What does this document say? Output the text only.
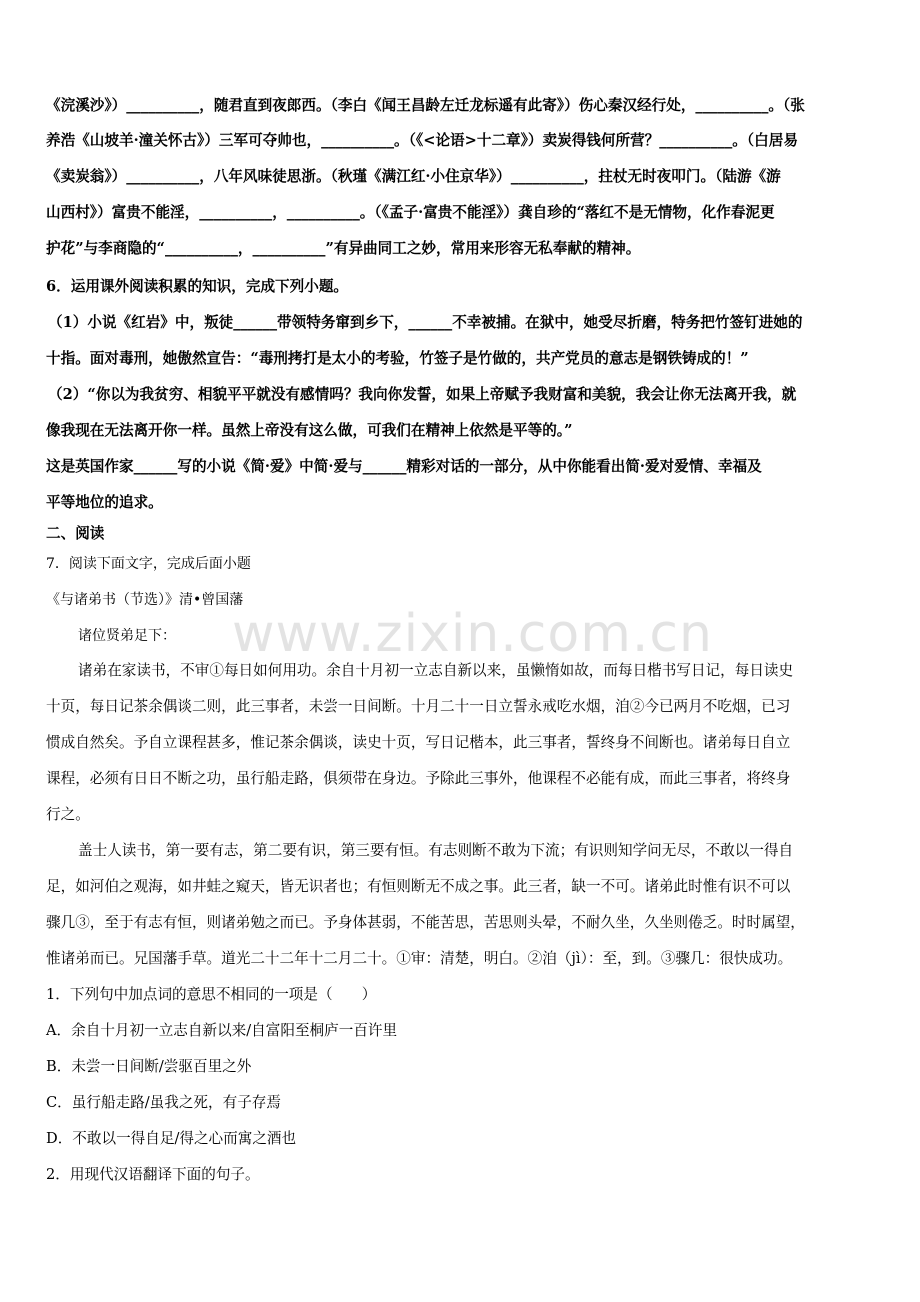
www.zixin.com.cn
《浣溪沙》）__________，随君直到夜郎西。（李白《闻王昌龄左迁龙标遥有此寄》）伤心秦汉经行处，__________。（张
养浩《山坡羊·潼关怀古》）三军可夺帅也，__________。（《<论语>十二章》）卖炭得钱何所营？__________。（白居易
《卖炭翁》）__________，八年风味徒思浙。（秋瑾《满江红·小住京华》）__________，拄杖无时夜叩门。（陆游《游
山西村》）富贵不能淫，__________，__________。（《孟子·富贵不能淫》）龚自珍的“落红不是无情物，化作春泥更
护花”与李商隐的“__________，__________”有异曲同工之妙，常用来形容无私奉献的精神。
6．运用课外阅读积累的知识，完成下列小题。
（1）小说《红岩》中，叛徒______带领特务窜到乡下，______不幸被捕。在狱中，她受尽折磨，特务把竹签钉进她的
十指。面对毒刑，她傲然宣告：“毒刑拷打是太小的考验，竹签子是竹做的，共产党员的意志是钢铁铸成的！”
（2）“你以为我贫穷、相貌平平就没有感情吗？我向你发誓，如果上帝赋予我财富和美貌，我会让你无法离开我，就
像我现在无法离开你一样。虽然上帝没有这么做，可我们在精神上依然是平等的。”
这是英国作家______写的小说《简·爱》中简·爱与______精彩对话的一部分，从中你能看出简·爱对爱情、幸福及
平等地位的追求。
二、阅读
7．阅读下面文字，完成后面小题
《与诸弟书（节选）》清•曾国藩
诸位贤弟足下：
诸弟在家读书，不审①每日如何用功。余自十月初一立志自新以来，虽懒惰如故，而每日楷书写日记，每日读史
十页，每日记茶余偶谈二则，此三事者，未尝一日间断。十月二十一日立誓永戒吃水烟，洎②今已两月不吃烟，已习
惯成自然矣。予自立课程甚多，惟记茶余偶谈，读史十页，写日记楷本，此三事者，誓终身不间断也。诸弟每日自立
课程，必须有日日不断之功，虽行船走路，俱须带在身边。予除此三事外，他课程不必能有成，而此三事者，将终身
行之。
盖士人读书，第一要有志，第二要有识，第三要有恒。有志则断不敢为下流；有识则知学问无尽，不敢以一得自
足，如河伯之观海，如井蛙之窥天，皆无识者也；有恒则断无不成之事。此三者，缺一不可。诸弟此时惟有识不可以
骤几③，至于有志有恒，则诸弟勉之而已。予身体甚弱，不能苦思，苦思则头晕，不耐久坐，久坐则倦乏。时时属望，
惟诸弟而已。兄国藩手草。道光二十二年十二月二十。①审：清楚，明白。②洎（jì）：至，到。③骤几：很快成功。
1．下列句中加点词的意思不相同的一项是（　　）
A．余自十月初一立志自新以来/自富阳至桐庐一百许里
B．未尝一日间断/尝驱百里之外
C．虽行船走路/虽我之死，有子存焉
D．不敢以一得自足/得之心而寓之酒也
2．用现代汉语翻译下面的句子。
